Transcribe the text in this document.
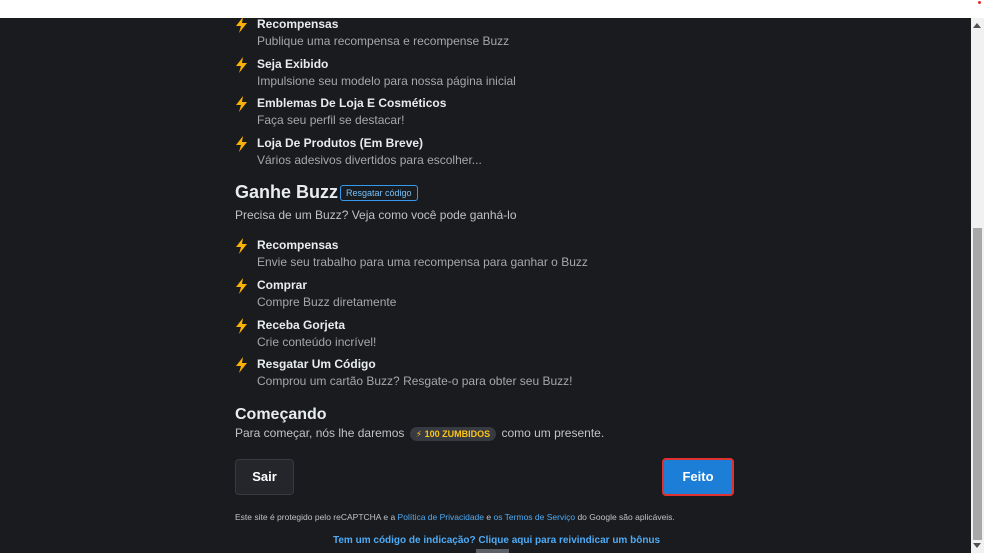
Recompensas
Publique uma recompensa e recompense Buzz
Seja Exibido
Impulsione seu modelo para nossa página inicial
Emblemas De Loja E Cosméticos
Faça seu perfil se destacar!
Loja De Produtos (Em Breve)
Vários adesivos divertidos para escolher...
Ganhe Buzz Resgatar código
Precisa de um Buzz? Veja como você pode ganhá-lo
Recompensas
Envie seu trabalho para uma recompensa para ganhar o Buzz
Comprar
Compre Buzz diretamente
Receba Gorjeta
Crie conteúdo incrível!
Resgatar Um Código
Comprou um cartão Buzz? Resgate-o para obter seu Buzz!
Começando
Para começar, nós lhe daremos ⚡ 100 ZUMBIDOS como um presente.
Sair	Feito
Este site é protegido pelo reCAPTCHA e a Política de Privacidade e os Termos de Serviço do Google são aplicáveis.
Tem um código de indicação? Clique aqui para reivindicar um bônus
